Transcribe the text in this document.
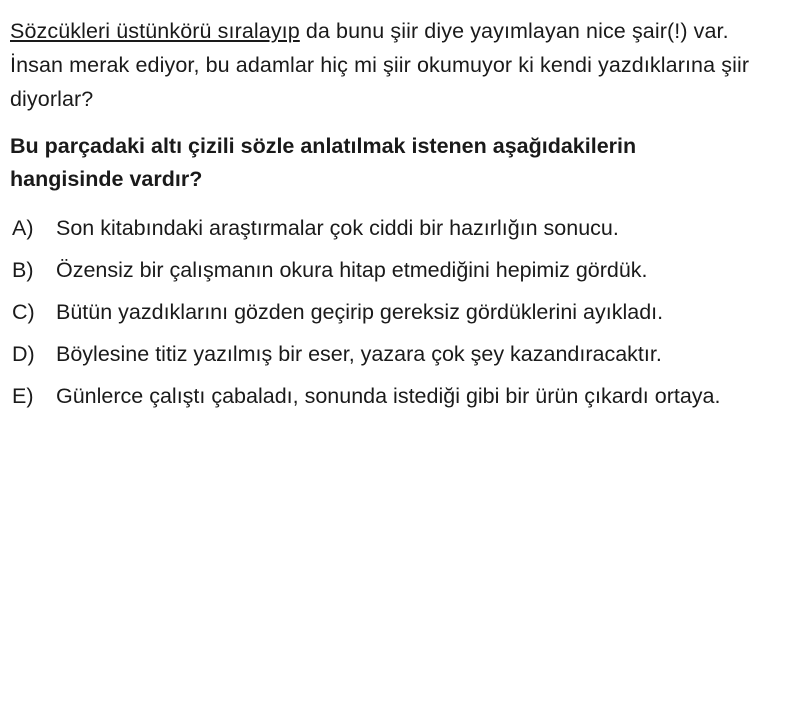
Sözcükleri üstünkörü sıralayıp da bunu şiir diye yayımlayan nice şair(!) var. İnsan merak ediyor, bu adamlar hiç mi şiir okumuyor ki kendi yazdıklarına şiir diyorlar?

Bu parçadaki altı çizili sözle anlatılmak istenen aşağıdakilerin hangisinde vardır?

A)	Son kitabındaki araştırmalar çok ciddi bir hazırlığın sonucu.
B)	Özensiz bir çalışmanın okura hitap etmediğini hepimiz gördük.
C) Bütün yazdıklarını gözden geçirip gereksiz gördüklerini ayıkladı.
D) Böylesine titiz yazılmış bir eser, yazara çok şey kazandıracaktır.
E)	Günlerce çalıştı çabaladı, sonunda istediği gibi bir ürün çıkardı ortaya.
